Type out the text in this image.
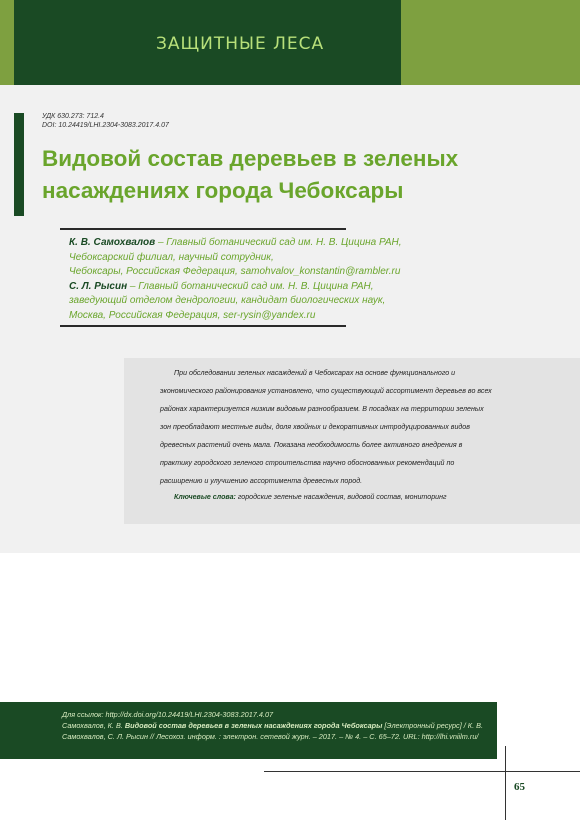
ЗАЩИТНЫЕ ЛЕСА
УДК 630.273: 712.4
DOI: 10.24419/LHI.2304-3083.2017.4.07
Видовой состав деревьев в зеленых
насаждениях города Чебоксары
К. В. Самохвалов – Главный ботанический сад им. Н. В. Цицина РАН,
Чебоксарский филиал, научный сотрудник,
Чебоксары, Российская Федерация, samohvalov_konstantin@rambler.ru
С. Л. Рысин – Главный ботанический сад им. Н. В. Цицина РАН,
заведующий отделом дендрологии, кандидат биологических наук,
Москва, Российская Федерация, ser-rysin@yandex.ru

При обследовании зеленых насаждений в Чебоксарах на основе функционального и экономического районирования установлено, что существующий ассортимент деревьев во всех районах характеризуется низким видовым разнообразием. В посадках на территории зеленых зон преобладают местные виды, доля хвойных и декоративных интродуцированных видов древесных растений очень мала. Показана необходимость более активного внедрения в практику городского зеленого строительства научно обоснованных рекомендаций по расширению и улучшению ассортимента древесных пород.

Ключевые слова: городские зеленые насаждения, видовой состав, мониторинг

Для ссылок: http://dx.doi.org/10.24419/LHI.2304-3083.2017.4.07
Самохвалов, К. В. Видовой состав деревьев в зеленых насаждениях города Чебоксары [Электронный ресурс] / К. В. Самохвалов, С. Л. Рысин // Лесохоз. информ. : электрон. сетевой журн. – 2017. – № 4. – С. 65–72. URL: http://lhi.vniilm.ru/

65
